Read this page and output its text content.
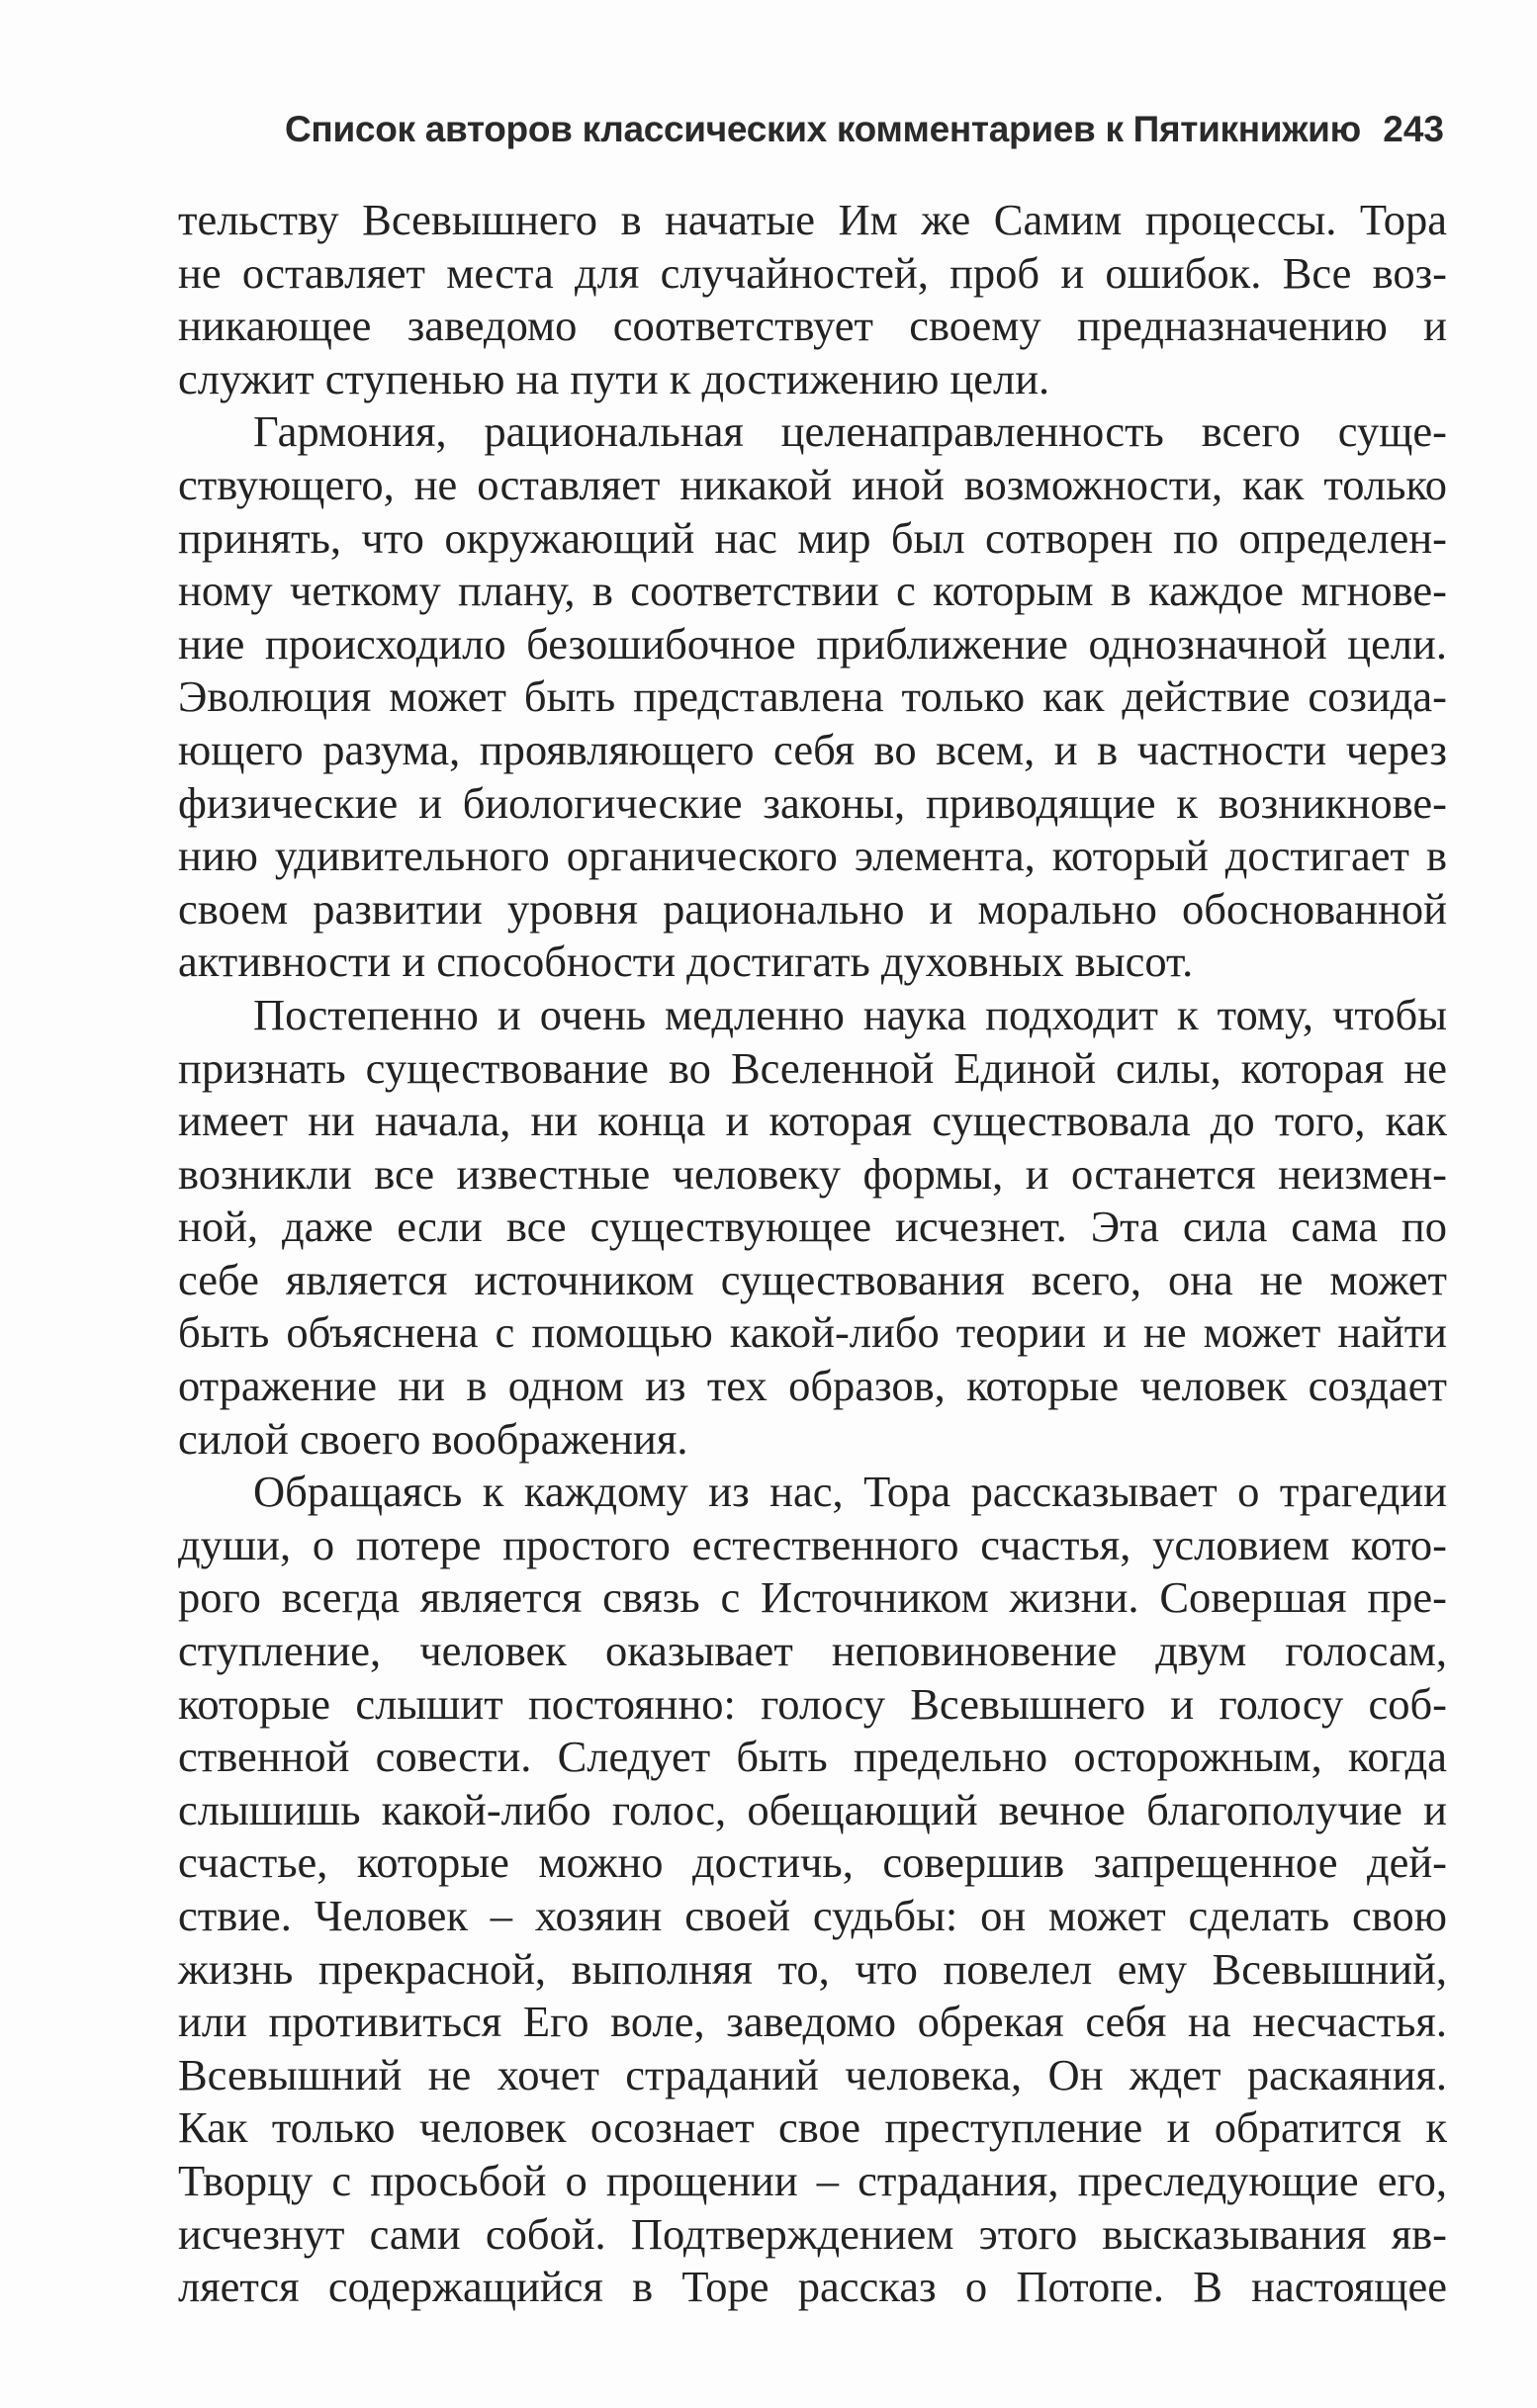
Список авторов классических комментариев к Пятикнижию 243
тельству Всевышнего в начатые Им же Самим процессы. Тора
не оставляет места для случайностей, проб и ошибок. Все воз-
никающее заведомо соответствует своему предназначению и
служит ступенью на пути к достижению цели.
Гармония, рациональная целенаправленность всего суще-
ствующего, не оставляет никакой иной возможности, как только
принять, что окружающий нас мир был сотворен по определен-
ному четкому плану, в соответствии с которым в каждое мгнове-
ние происходило безошибочное приближение однозначной цели.
Эволюция может быть представлена только как действие созида-
ющего разума, проявляющего себя во всем, и в частности через
физические и биологические законы, приводящие к возникнове-
нию удивительного органического элемента, который достигает в
своем развитии уровня рационально и морально обоснованной
активности и способности достигать духовных высот.
Постепенно и очень медленно наука подходит к тому, чтобы
признать существование во Вселенной Единой силы, которая не
имеет ни начала, ни конца и которая существовала до того, как
возникли все известные человеку формы, и останется неизмен-
ной, даже если все существующее исчезнет. Эта сила сама по
себе является источником существования всего, она не может
быть объяснена с помощью какой-либо теории и не может найти
отражение ни в одном из тех образов, которые человек создает
силой своего воображения.
Обращаясь к каждому из нас, Тора рассказывает о трагедии
души, о потере простого естественного счастья, условием кото-
рого всегда является связь с Источником жизни. Совершая пре-
ступление, человек оказывает неповиновение двум голосам,
которые слышит постоянно: голосу Всевышнего и голосу соб-
ственной совести. Следует быть предельно осторожным, когда
слышишь какой-либо голос, обещающий вечное благополучие и
счастье, которые можно достичь, совершив запрещенное дей-
ствие. Человек – хозяин своей судьбы: он может сделать свою
жизнь прекрасной, выполняя то, что повелел ему Всевышний,
или противиться Его воле, заведомо обрекая себя на несчастья.
Всевышний не хочет страданий человека, Он ждет раскаяния.
Как только человек осознает свое преступление и обратится к
Творцу с просьбой о прощении – страдания, преследующие его,
исчезнут сами собой. Подтверждением этого высказывания яв-
ляется содержащийся в Торе рассказ о Потопе. В настоящее
